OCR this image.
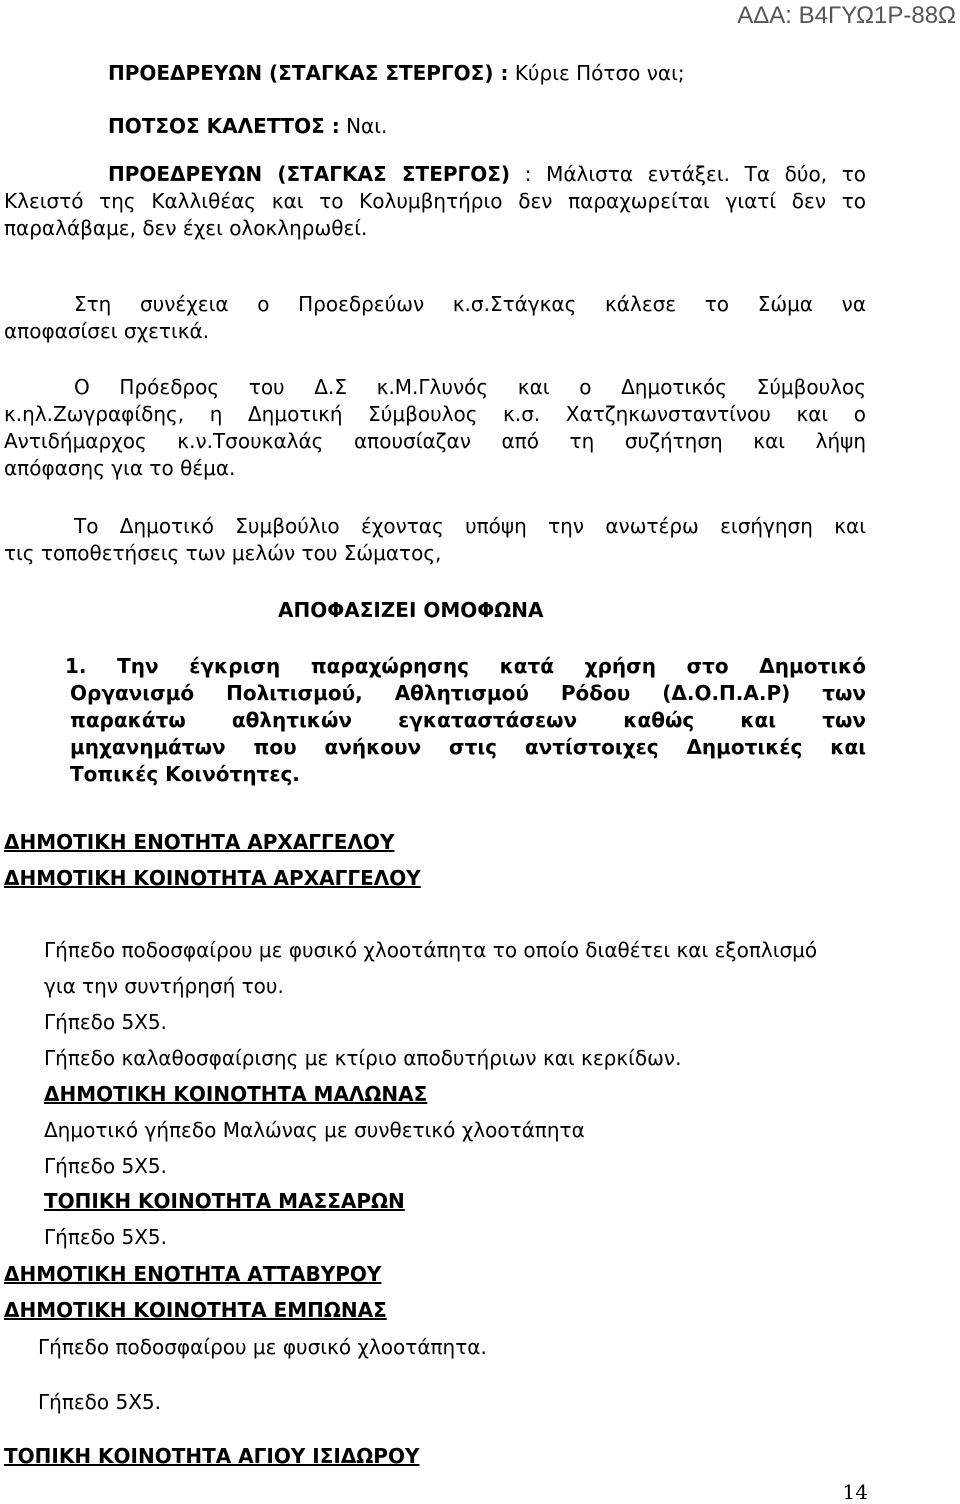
ΑΔΑ: Β4ΓΥΩ1Ρ-88Ω
ΠΡΟΕΔΡΕΥΩΝ (ΣΤΑΓΚΑΣ ΣΤΕΡΓΟΣ) : Κύριε Πότσο ναι;
ΠΟΤΣΟΣ ΚΑΛΕΤΤΟΣ : Ναι.
ΠΡΟΕΔΡΕΥΩΝ (ΣΤΑΓΚΑΣ ΣΤΕΡΓΟΣ) : Μάλιστα εντάξει. Τα δύο, το
Κλειστό της Καλλιθέας και το Κολυμβητήριο δεν παραχωρείται γιατί δεν το
παραλάβαμε, δεν έχει ολοκληρωθεί.
Στη συνέχεια ο Προεδρεύων κ.σ.Στάγκας κάλεσε το Σώμα να
αποφασίσει σχετικά.
Ο Πρόεδρος του Δ.Σ κ.Μ.Γλυνός και ο Δημοτικός Σύμβουλος
κ.ηλ.Ζωγραφίδης, η Δημοτική Σύμβουλος κ.σ. Χατζηκωνσταντίνου και ο
Αντιδήμαρχος κ.ν.Τσουκαλάς απουσίαζαν από τη συζήτηση και λήψη
απόφασης για το θέμα.
Το Δημοτικό Συμβούλιο έχοντας υπόψη την ανωτέρω εισήγηση και
τις τοποθετήσεις των μελών του Σώματος,
ΑΠΟΦΑΣΙΖΕΙ ΟΜΟΦΩΝΑ
1. Την έγκριση παραχώρησης κατά χρήση στο Δημοτικό
Οργανισμό Πολιτισμού, Αθλητισμού Ρόδου (Δ.Ο.Π.Α.Ρ) των
παρακάτω αθλητικών εγκαταστάσεων καθώς και των
μηχανημάτων που ανήκουν στις αντίστοιχες Δημοτικές και
Τοπικές Κοινότητες.
ΔΗΜΟΤΙΚΗ ΕΝΟΤΗΤΑ ΑΡΧΑΓΓΕΛΟΥ
ΔΗΜΟΤΙΚΗ ΚΟΙΝΟΤΗΤΑ ΑΡΧΑΓΓΕΛΟΥ
Γήπεδο ποδοσφαίρου με φυσικό χλοοτάπητα το οποίο διαθέτει και εξοπλισμό
για την συντήρησή του.
Γήπεδο 5Χ5.
Γήπεδο καλαθοσφαίρισης με κτίριο αποδυτήριων και κερκίδων.
ΔΗΜΟΤΙΚΗ ΚΟΙΝΟΤΗΤΑ ΜΑΛΩΝΑΣ
Δημοτικό γήπεδο Μαλώνας με συνθετικό χλοοτάπητα
Γήπεδο 5Χ5.
ΤΟΠΙΚΗ ΚΟΙΝΟΤΗΤΑ ΜΑΣΣΑΡΩΝ
Γήπεδο 5Χ5.
ΔΗΜΟΤΙΚΗ ΕΝΟΤΗΤΑ ΑΤΤΑΒΥΡΟΥ
ΔΗΜΟΤΙΚΗ ΚΟΙΝΟΤΗΤΑ ΕΜΠΩΝΑΣ
Γήπεδο ποδοσφαίρου με φυσικό χλοοτάπητα.
Γήπεδο 5Χ5.
ΤΟΠΙΚΗ ΚΟΙΝΟΤΗΤΑ ΑΓΙΟΥ ΙΣΙΔΩΡΟΥ
14
